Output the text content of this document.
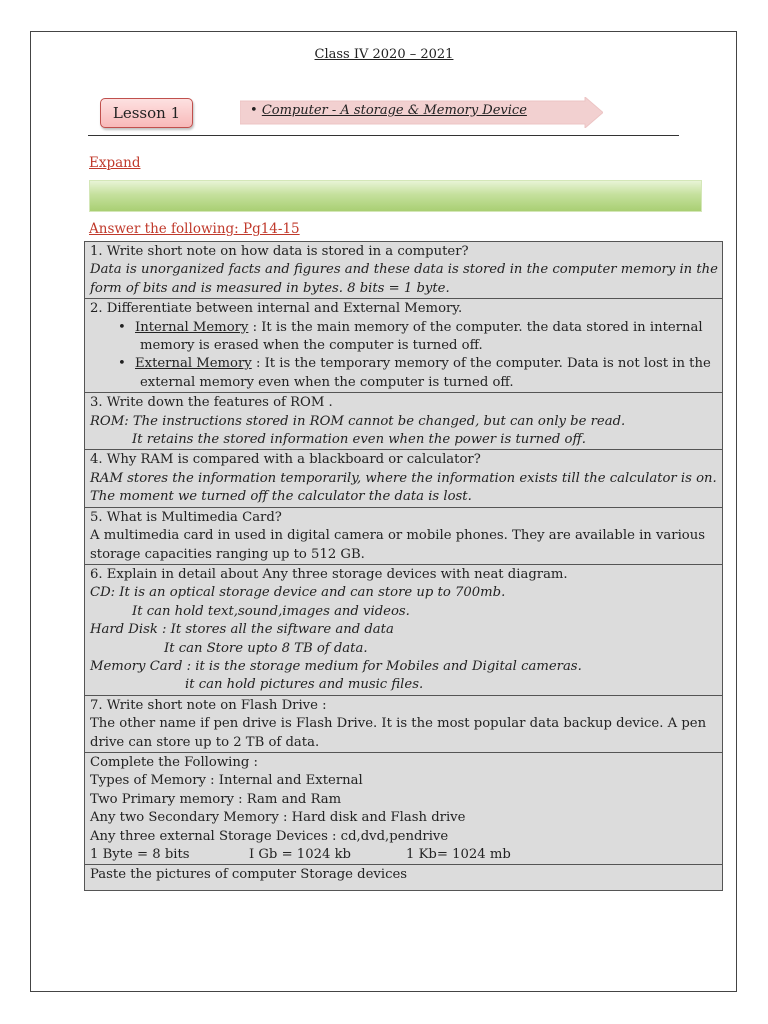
Class IV 2020 – 2021
Lesson 1	• Computer - A storage & Memory Device
Expand
Answer the following: Pg14-15
1. Write short note on how data is stored in a computer?
Data is unorganized facts and figures and these data is stored in the computer memory in the
form of bits and is measured in bytes. 8 bits = 1 byte.

2. Differentiate between internal and External Memory.
• Internal Memory : It is the main memory of the computer. the data stored in internal
memory is erased when the computer is turned off.
• External Memory : It is the temporary memory of the computer. Data is not lost in the
external memory even when the computer is turned off.

3. Write down the features of ROM .
ROM: The instructions stored in ROM cannot be changed, but can only be read.
It retains the stored information even when the power is turned off.

4. Why RAM is compared with a blackboard or calculator?
RAM stores the information temporarily, where the information exists till the calculator is on.
The moment we turned off the calculator the data is lost.

5. What is Multimedia Card?
A multimedia card in used in digital camera or mobile phones. They are available in various
storage capacities ranging up to 512 GB.

6. Explain in detail about Any three storage devices with neat diagram.
CD: It is an optical storage device and can store up to 700mb.
It can hold text,sound,images and videos.
Hard Disk : It stores all the siftware and data
It can Store upto 8 TB of data.
Memory Card : it is the storage medium for Mobiles and Digital cameras.
it can hold pictures and music files.

7. Write short note on Flash Drive :
The other name if pen drive is Flash Drive. It is the most popular data backup device. A pen
drive can store up to 2 TB of data.

Complete the Following :
Types of Memory : Internal and External
Two Primary memory : Ram and Ram
Any two Secondary Memory : Hard disk and Flash drive
Any three external Storage Devices : cd,dvd,pendrive
1 Byte = 8 bits	I Gb = 1024 kb	1 Kb= 1024 mb

Paste the pictures of computer Storage devices
